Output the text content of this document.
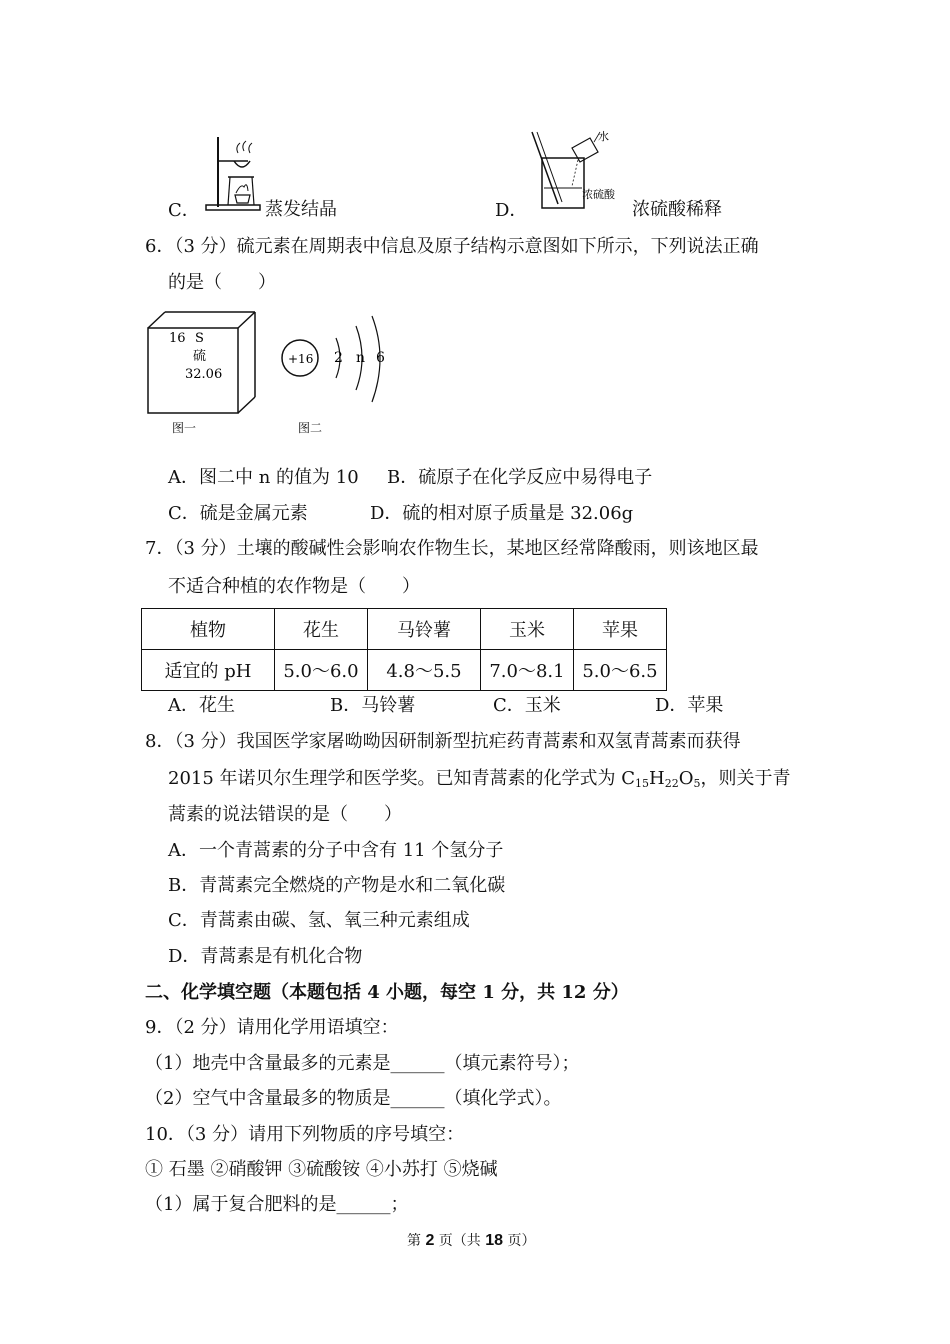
C．	蒸发结晶
水
浓硫酸
D．	浓硫酸稀释
6．（3 分）硫元素在周期表中信息及原子结构示意图如下所示，下列说法正确
的是（　　）
16 S
硫
32.06
图一
+16 2 n 6
图二
A．图二中 n 的值为 10 B．硫原子在化学反应中易得电子
C．硫是金属元素	D．硫的相对原子质量是 32.06g
7．（3 分）土壤的酸碱性会影响农作物生长，某地区经常降酸雨，则该地区最
不适合种植的农作物是（　　）
植物	花生	马铃薯	玉米	苹果
适宜的 pH	5.0～6.0	4.8～5.5	7.0～8.1	5.0～6.5
A．花生	B．马铃薯	C．玉米	D．苹果
8．（3 分）我国医学家屠呦呦因研制新型抗疟药青蒿素和双氢青蒿素而获得
2015 年诺贝尔生理学和医学奖。已知青蒿素的化学式为 $C_{15}H_{22}O_5$，则关于青
蒿素的说法错误的是（　　）
A．一个青蒿素的分子中含有 11 个氢分子
B．青蒿素完全燃烧的产物是水和二氧化碳
C．青蒿素由碳、氢、氧三种元素组成
D．青蒿素是有机化合物
二、化学填空题（本题包括 4 小题，每空 1 分，共 12 分）
9．（2 分）请用化学用语填空：
（1）地壳中含量最多的元素是______（填元素符号）；
（2）空气中含量最多的物质是______（填化学式）。
10．（3 分）请用下列物质的序号填空：
① 石墨 ②硝酸钾 ③硫酸铵 ④小苏打 ⑤烧碱
（1）属于复合肥料的是______；
第 2 页（共 18 页）
